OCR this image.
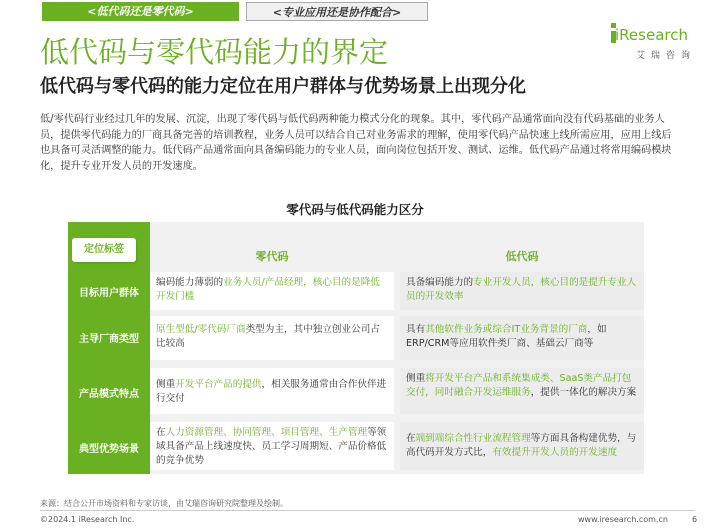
<低代码还是零代码>	<专业应用还是协作配合>
低代码与零代码能力的界定
低代码与零代码的能力定位在用户群体与优势场景上出现分化
iResearch
艾瑞咨询
低/零代码行业经过几年的发展、沉淀，出现了零代码与低代码两种能力模式分化的现象。其中，零代码产品通常面向没有代码基础的业务人员，提供零代码能力的厂商具备完善的培训教程，业务人员可以结合自己对业务需求的理解，使用零代码产品快速上线所需应用，应用上线后也具备可灵活调整的能力。低代码产品通常面向具备编码能力的专业人员，面向岗位包括开发、测试、运维。低代码产品通过将常用编码模块化，提升专业开发人员的开发速度。
零代码与低代码能力区分
定位标签
零代码	低代码
目标用户群体
编码能力薄弱的业务人员/产品经理，核心目的是降低开发门槛
具备编码能力的专业开发人员，核心目的是提升专业人员的开发效率
主导厂商类型
原生型低/零代码厂商类型为主，其中独立创业公司占比较高
具有其他软件业务或综合IT业务背景的厂商，如ERP/CRM等应用软件类厂商、基础云厂商等
产品模式特点
侧重开发平台产品的提供，相关服务通常由合作伙伴进行交付
侧重将开发平台产品和系统集成类、SaaS类产品打包交付，同时融合开发运维服务，提供一体化的解决方案
典型优势场景
在人力资源管理、协同管理、项目管理、生产管理等领域具备产品上线速度快、员工学习周期短、产品价格低的竞争优势
在端到端综合性行业流程管理等方面具备构建优势，与高代码开发方式比，有效提升开发人员的开发速度
来源：结合公开市场资料和专家访谈，由艾瑞咨询研究院整理及绘制。
©2024.1 iResearch Inc.	www.iresearch.com.cn	6
